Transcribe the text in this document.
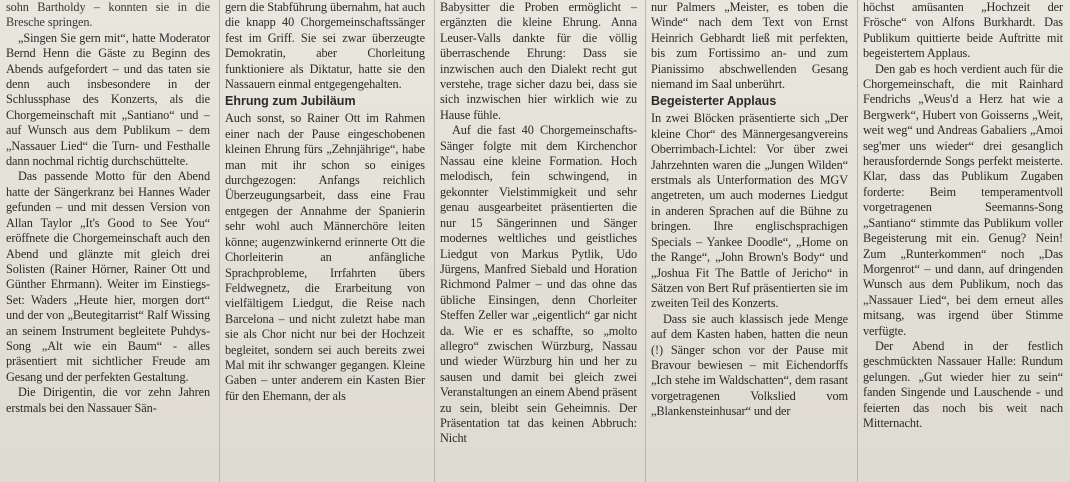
sohn Bartholdy – konnten sie in die Bresche springen.

„Singen Sie gern mit“, hatte Moderator Bernd Henn die Gäste zu Beginn des Abends aufgefordert – und das taten sie denn auch insbesondere in der Schlussphase des Konzerts, als die Chorgemeinschaft mit „Santiano“ und – auf Wunsch aus dem Publikum – dem „Nassauer Lied“ die Turn- und Festhalle dann nochmal richtig durchschüttelte.

Das passende Motto für den Abend hatte der Sängerkranz bei Hannes Wader gefunden – und mit dessen Version von Allan Taylor „It's Good to See You“ eröffnete die Chorgemeinschaft auch den Abend und glänzte mit gleich drei Solisten (Rainer Hörner, Rainer Ott und Günther Ehrmann). Weiter im Einstiegs-Set: Waders „Heute hier, morgen dort“ und der von „Beutegitarrist“ Ralf Wissing an seinem Instrument begleitete Puhdys-Song „Alt wie ein Baum“ - alles präsentiert mit sichtlicher Freude am Gesang und der perfekten Gestaltung.

Die Dirigentin, die vor zehn Jahren erstmals bei den Nassauer Sän-

gern die Stabführung übernahm, hat auch die knapp 40 Chorgemeinschaftssänger fest im Griff. Sie sei zwar überzeugte Demokratin, aber Chorleitung funktioniere als Diktatur, hatte sie den Nassauern einmal entgegengehalten.

Ehrung zum Jubiläum

Auch sonst, so Rainer Ott im Rahmen einer nach der Pause eingeschobenen kleinen Ehrung fürs „Zehnjährige“, habe man mit ihr schon so einiges durchgezogen: Anfangs reichlich Überzeugungsarbeit, dass eine Frau entgegen der Annahme der Spanierin sehr wohl auch Männerchöre leiten könne; augenzwinkernd erinnerte Ott die Chorleiterin an anfängliche Sprachprobleme, Irrfahrten übers Feldwegnetz, die Erarbeitung von vielfältigem Liedgut, die Reise nach Barcelona – und nicht zuletzt habe man sie als Chor nicht nur bei der Hochzeit begleitet, sondern sei auch bereits zwei Mal mit ihr schwanger gegangen. Kleine Gaben – unter anderem ein Kasten Bier für den Ehemann, der als

Babysitter die Proben ermöglicht – ergänzten die kleine Ehrung. Anna Leuser-Valls dankte für die völlig überraschende Ehrung: Dass sie inzwischen auch den Dialekt recht gut verstehe, trage sicher dazu bei, dass sie sich inzwischen hier wirklich wie zu Hause fühle.

Auf die fast 40 Chorgemeinschafts-Sänger folgte mit dem Kirchenchor Nassau eine kleine Formation. Hoch melodisch, fein schwingend, in gekonnter Vielstimmigkeit und sehr genau ausgearbeitet präsentierten die nur 15 Sängerinnen und Sänger modernes weltliches und geistliches Liedgut von Markus Pytlik, Udo Jürgens, Manfred Siebald und Horation Richmond Palmer – und das ohne das übliche Einsingen, denn Chorleiter Steffen Zeller war „eigentlich“ gar nicht da. Wie er es schaffte, so „molto allegro“ zwischen Würzburg, Nassau und wieder Würzburg hin und her zu sausen und damit bei gleich zwei Veranstaltungen an einem Abend präsent zu sein, bleibt sein Geheimnis. Der Präsentation tat das keinen Abbruch: Nicht

nur Palmers „Meister, es toben die Winde“ nach dem Text von Ernst Heinrich Gebhardt ließ mit perfekten, bis zum Fortissimo an- und zum Pianissimo abschwellenden Gesang niemand im Saal unberührt.

Begeisterter Applaus

In zwei Blöcken präsentierte sich „Der kleine Chor“ des Männergesangvereins Oberrimbach-Lichtel: Vor über zwei Jahrzehnten waren die „Jungen Wilden“ erstmals als Unterformation des MGV angetreten, um auch modernes Liedgut in anderen Sprachen auf die Bühne zu bringen. Ihre englischsprachigen Specials – Yankee Doodle“, „Home on the Range“, „John Brown's Body“ und „Joshua Fit The Battle of Jericho“ in Sätzen von Bert Ruf präsentierten sie im zweiten Teil des Konzerts.

Dass sie auch klassisch jede Menge auf dem Kasten haben, hatten die neun (!) Sänger schon vor der Pause mit Bravour bewiesen – mit Eichendorffs „Ich stehe im Waldschatten“, dem rasant vorgetragenen Volkslied vom „Blankensteinhusar“ und der

höchst amüsanten „Hochzeit der Frösche“ von Alfons Burkhardt. Das Publikum quittierte beide Auftritte mit begeistertem Applaus.

Den gab es hoch verdient auch für die Chorgemeinschaft, die mit Rainhard Fendrichs „Weus'd a Herz hat wie a Bergwerk“, Hubert von Goisserns „Weit, weit weg“ und Andreas Gabaliers „Amoi seg'mer uns wieder“ drei gesanglich herausfordernde Songs perfekt meisterte. Klar, dass das Publikum Zugaben forderte: Beim temperamentvoll vorgetragenen Seemanns-Song „Santiano“ stimmte das Publikum voller Begeisterung mit ein. Genug? Nein! Zum „Runterkommen“ noch „Das Morgenrot“ – und dann, auf dringenden Wunsch aus dem Publikum, noch das „Nassauer Lied“, bei dem erneut alles mitsang, was irgend über Stimme verfügte.

Der Abend in der festlich geschmückten Nassauer Halle: Rundum gelungen. „Gut wieder hier zu sein“ fanden Singende und Lauschende - und feierten das noch bis weit nach Mitternacht.
